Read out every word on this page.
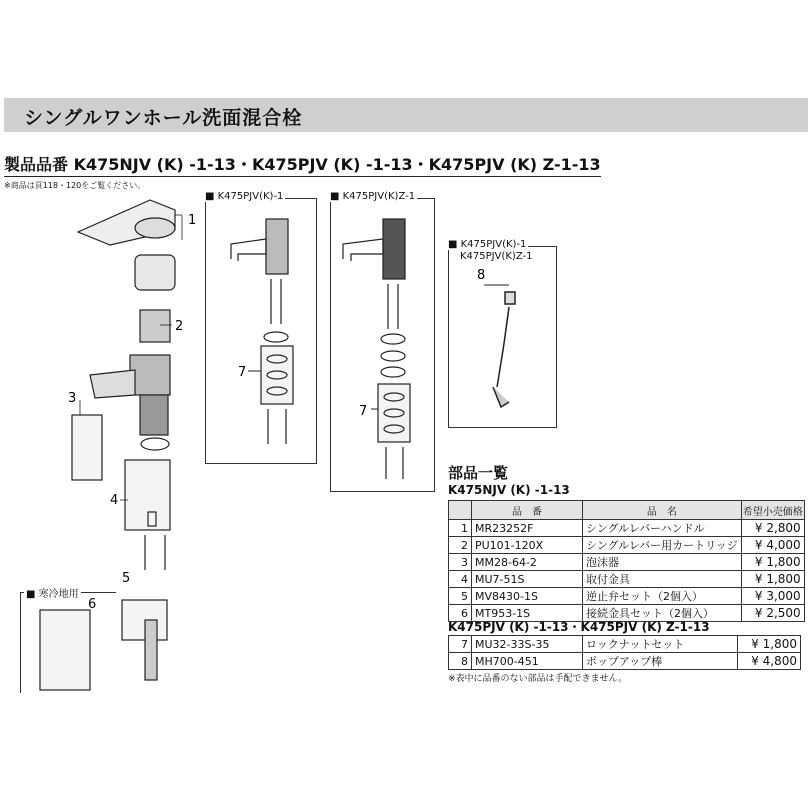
シングルワンホール洗面混合栓
製品品番 K475NJV (K) -1-13・K475PJV (K) -1-13・K475PJV (K) Z-1-13
※商品は頁118・120をご覧ください。
1
2
3
4
5
6
■ 寒冷地用
7
■ K475PJV(K)-1
7
■ K475PJV(K)Z-1
8
■ K475PJV(K)-1
K475PJV(K)Z-1
部品一覧
K475NJV (K) -1-13
	品　番	品　名	希望小売価格
1	MR23252F	シングルレバーハンドル	¥ 2,800
2	PU101-120X	シングルレバー用カートリッジ	¥ 4,000
3	MM28-64-2	泡沫器	¥ 1,800
4	MU7-51S	取付金具	¥ 1,800
5	MV8430-1S	逆止弁セット（2個入）	¥ 3,000
6	MT953-1S	接続金具セット（2個入）	¥ 2,500
K475PJV (K) -1-13・K475PJV (K) Z-1-13
7	MU32-33S-35	ロックナットセット	¥ 1,800
8	MH700-451	ポップアップ棒	¥ 4,800
※表中に品番のない部品は手配できません。
